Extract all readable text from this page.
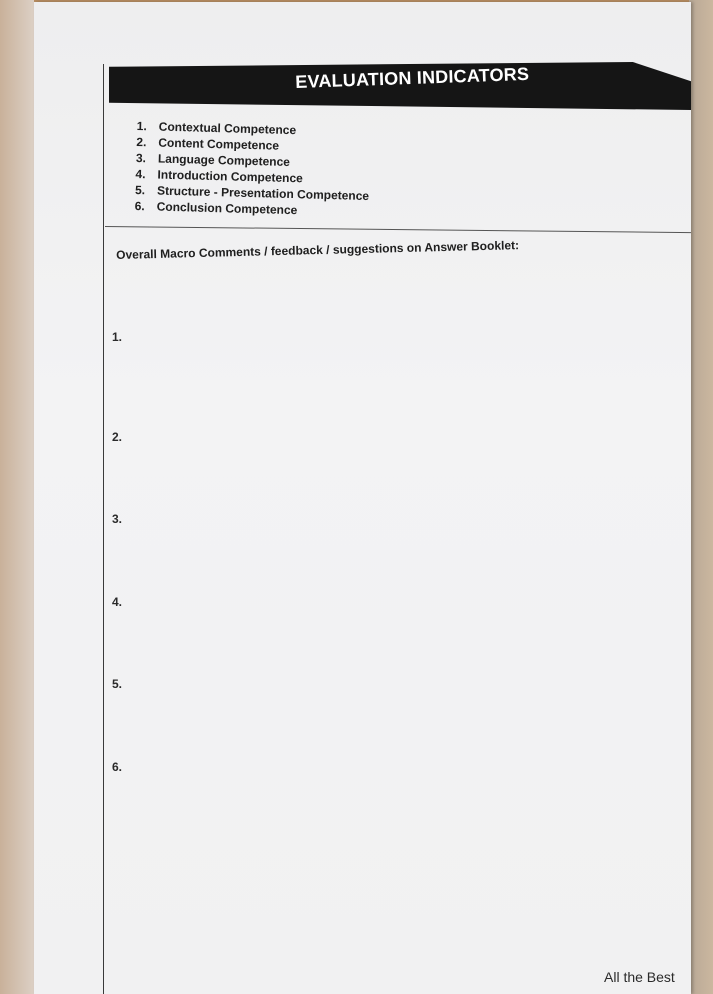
EVALUATION INDICATORS
1. Contextual Competence
2. Content Competence
3. Language Competence
4. Introduction Competence
5. Structure - Presentation Competence
6. Conclusion Competence
Overall Macro Comments / feedback / suggestions on Answer Booklet:
1.
2.
3.
4.
5.
6.
All the Best
